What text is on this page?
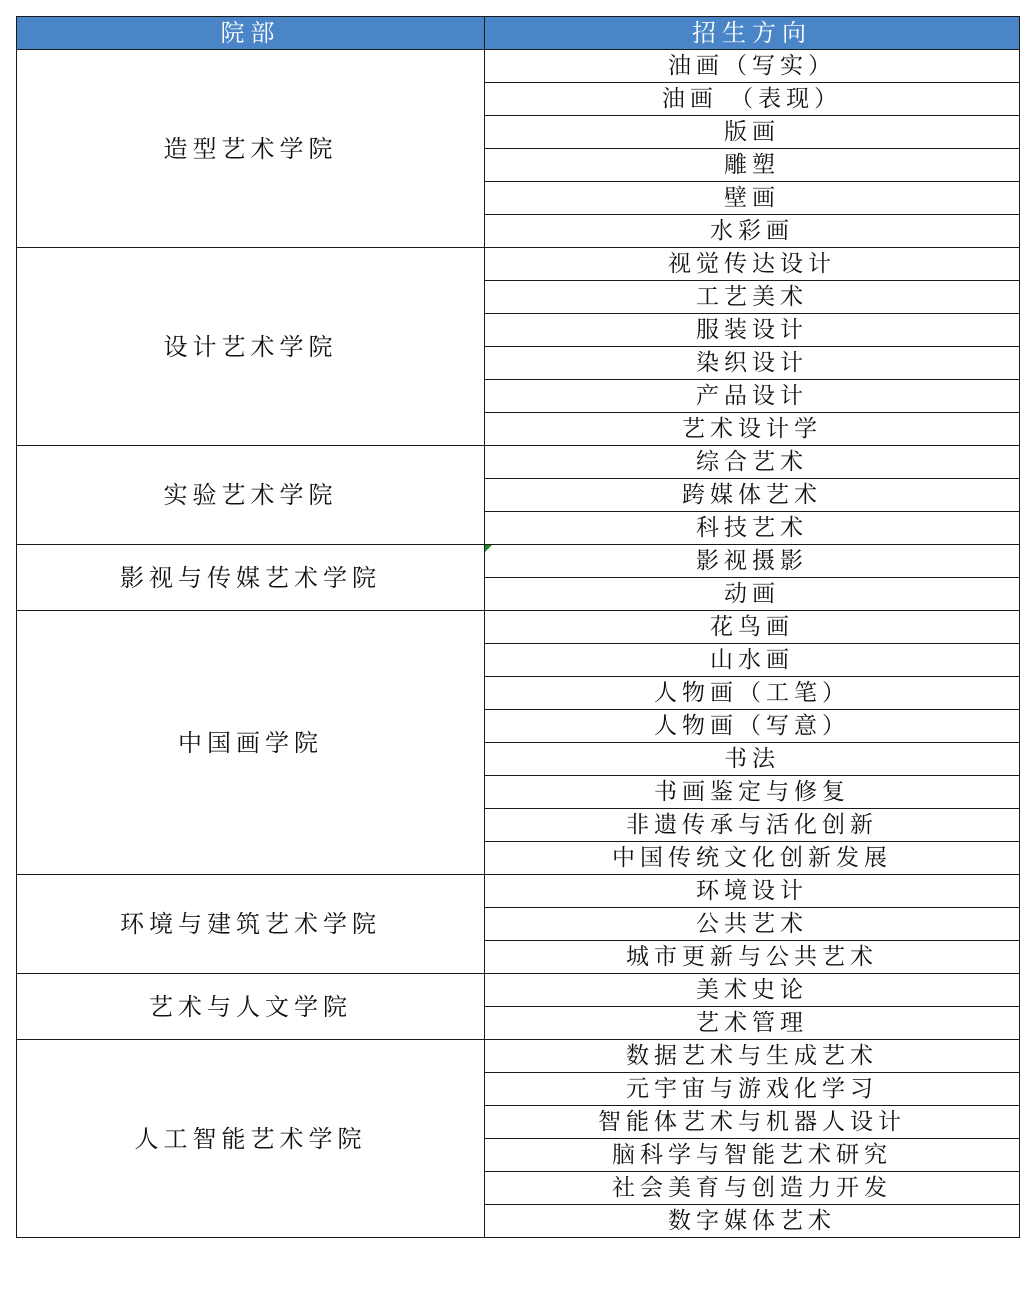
院部	招生方向
造型艺术学院	油画（写实）
	油画 （表现）
	版画
	雕塑
	壁画
	水彩画
设计艺术学院	视觉传达设计
	工艺美术
	服装设计
	染织设计
	产品设计
	艺术设计学
实验艺术学院	综合艺术
	跨媒体艺术
	科技艺术
影视与传媒艺术学院	影视摄影

	动画
中国画学院	花鸟画
	山水画
	人物画（工笔）
	人物画（写意）
	书法
	书画鉴定与修复
	非遗传承与活化创新
	中国传统文化创新发展
环境与建筑艺术学院	环境设计
	公共艺术
	城市更新与公共艺术
艺术与人文学院	美术史论
	艺术管理
人工智能艺术学院	数据艺术与生成艺术
	元宇宙与游戏化学习
	智能体艺术与机器人设计
	脑科学与智能艺术研究
	社会美育与创造力开发
	数字媒体艺术
